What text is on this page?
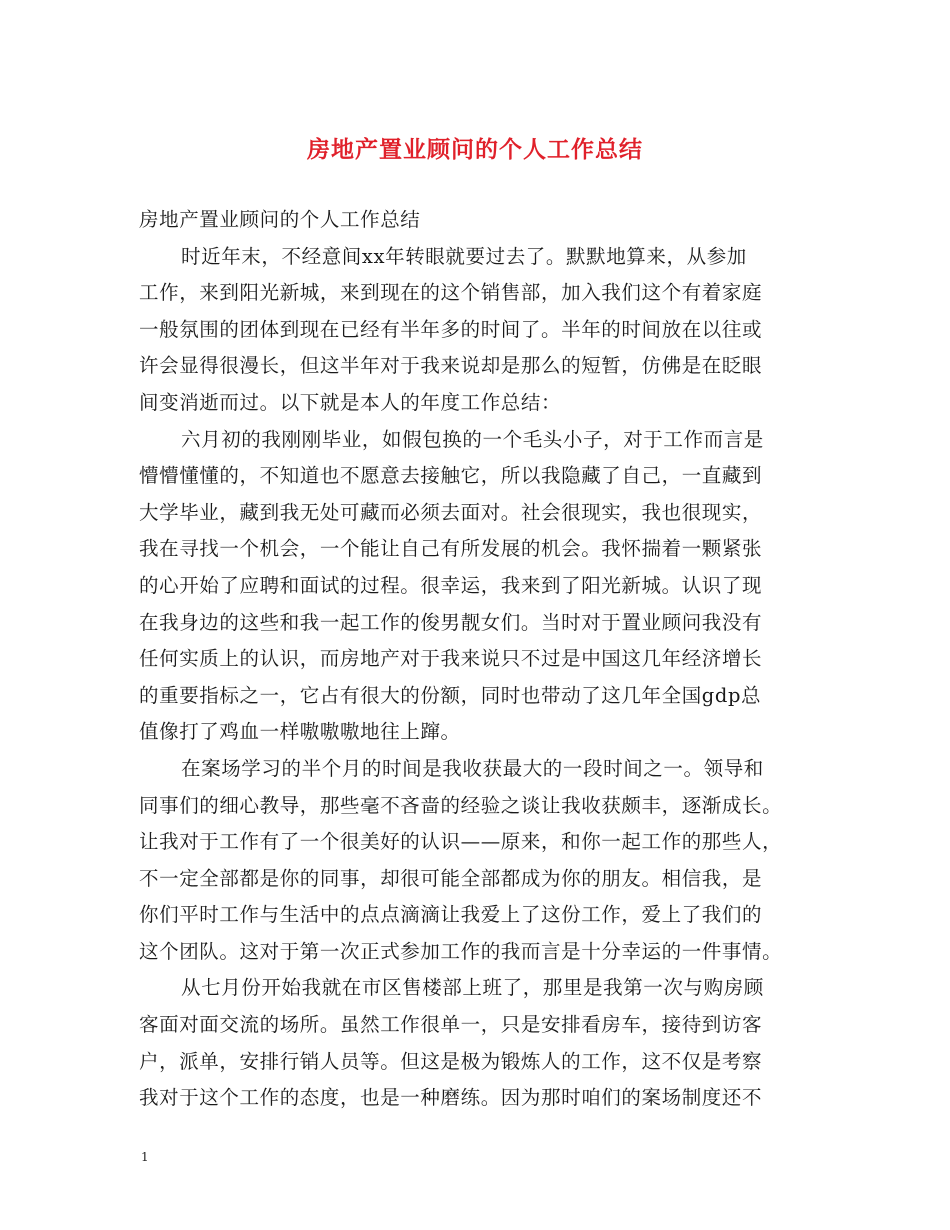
房地产置业顾问的个人工作总结
房地产置业顾问的个人工作总结
时近年末，不经意间xx年转眼就要过去了。默默地算来，从参加
工作，来到阳光新城，来到现在的这个销售部，加入我们这个有着家庭
一般氛围的团体到现在已经有半年多的时间了。半年的时间放在以往或
许会显得很漫长，但这半年对于我来说却是那么的短暂，仿佛是在眨眼
间变消逝而过。以下就是本人的年度工作总结：
六月初的我刚刚毕业，如假包换的一个毛头小子，对于工作而言是
懵懵懂懂的，不知道也不愿意去接触它，所以我隐藏了自己，一直藏到
大学毕业，藏到我无处可藏而必须去面对。社会很现实，我也很现实，
我在寻找一个机会，一个能让自己有所发展的机会。我怀揣着一颗紧张
的心开始了应聘和面试的过程。很幸运，我来到了阳光新城。认识了现
在我身边的这些和我一起工作的俊男靓女们。当时对于置业顾问我没有
任何实质上的认识，而房地产对于我来说只不过是中国这几年经济增长
的重要指标之一，它占有很大的份额，同时也带动了这几年全国gdp总
值像打了鸡血一样嗷嗷嗷地往上蹿。
在案场学习的半个月的时间是我收获最大的一段时间之一。领导和
同事们的细心教导，那些毫不吝啬的经验之谈让我收获颇丰，逐渐成长。
让我对于工作有了一个很美好的认识——原来，和你一起工作的那些人，
不一定全部都是你的同事，却很可能全部都成为你的朋友。相信我，是
你们平时工作与生活中的点点滴滴让我爱上了这份工作，爱上了我们的
这个团队。这对于第一次正式参加工作的我而言是十分幸运的一件事情。
从七月份开始我就在市区售楼部上班了，那里是我第一次与购房顾
客面对面交流的场所。虽然工作很单一，只是安排看房车，接待到访客
户，派单，安排行销人员等。但这是极为锻炼人的工作，这不仅是考察
我对于这个工作的态度，也是一种磨练。因为那时咱们的案场制度还不
1
